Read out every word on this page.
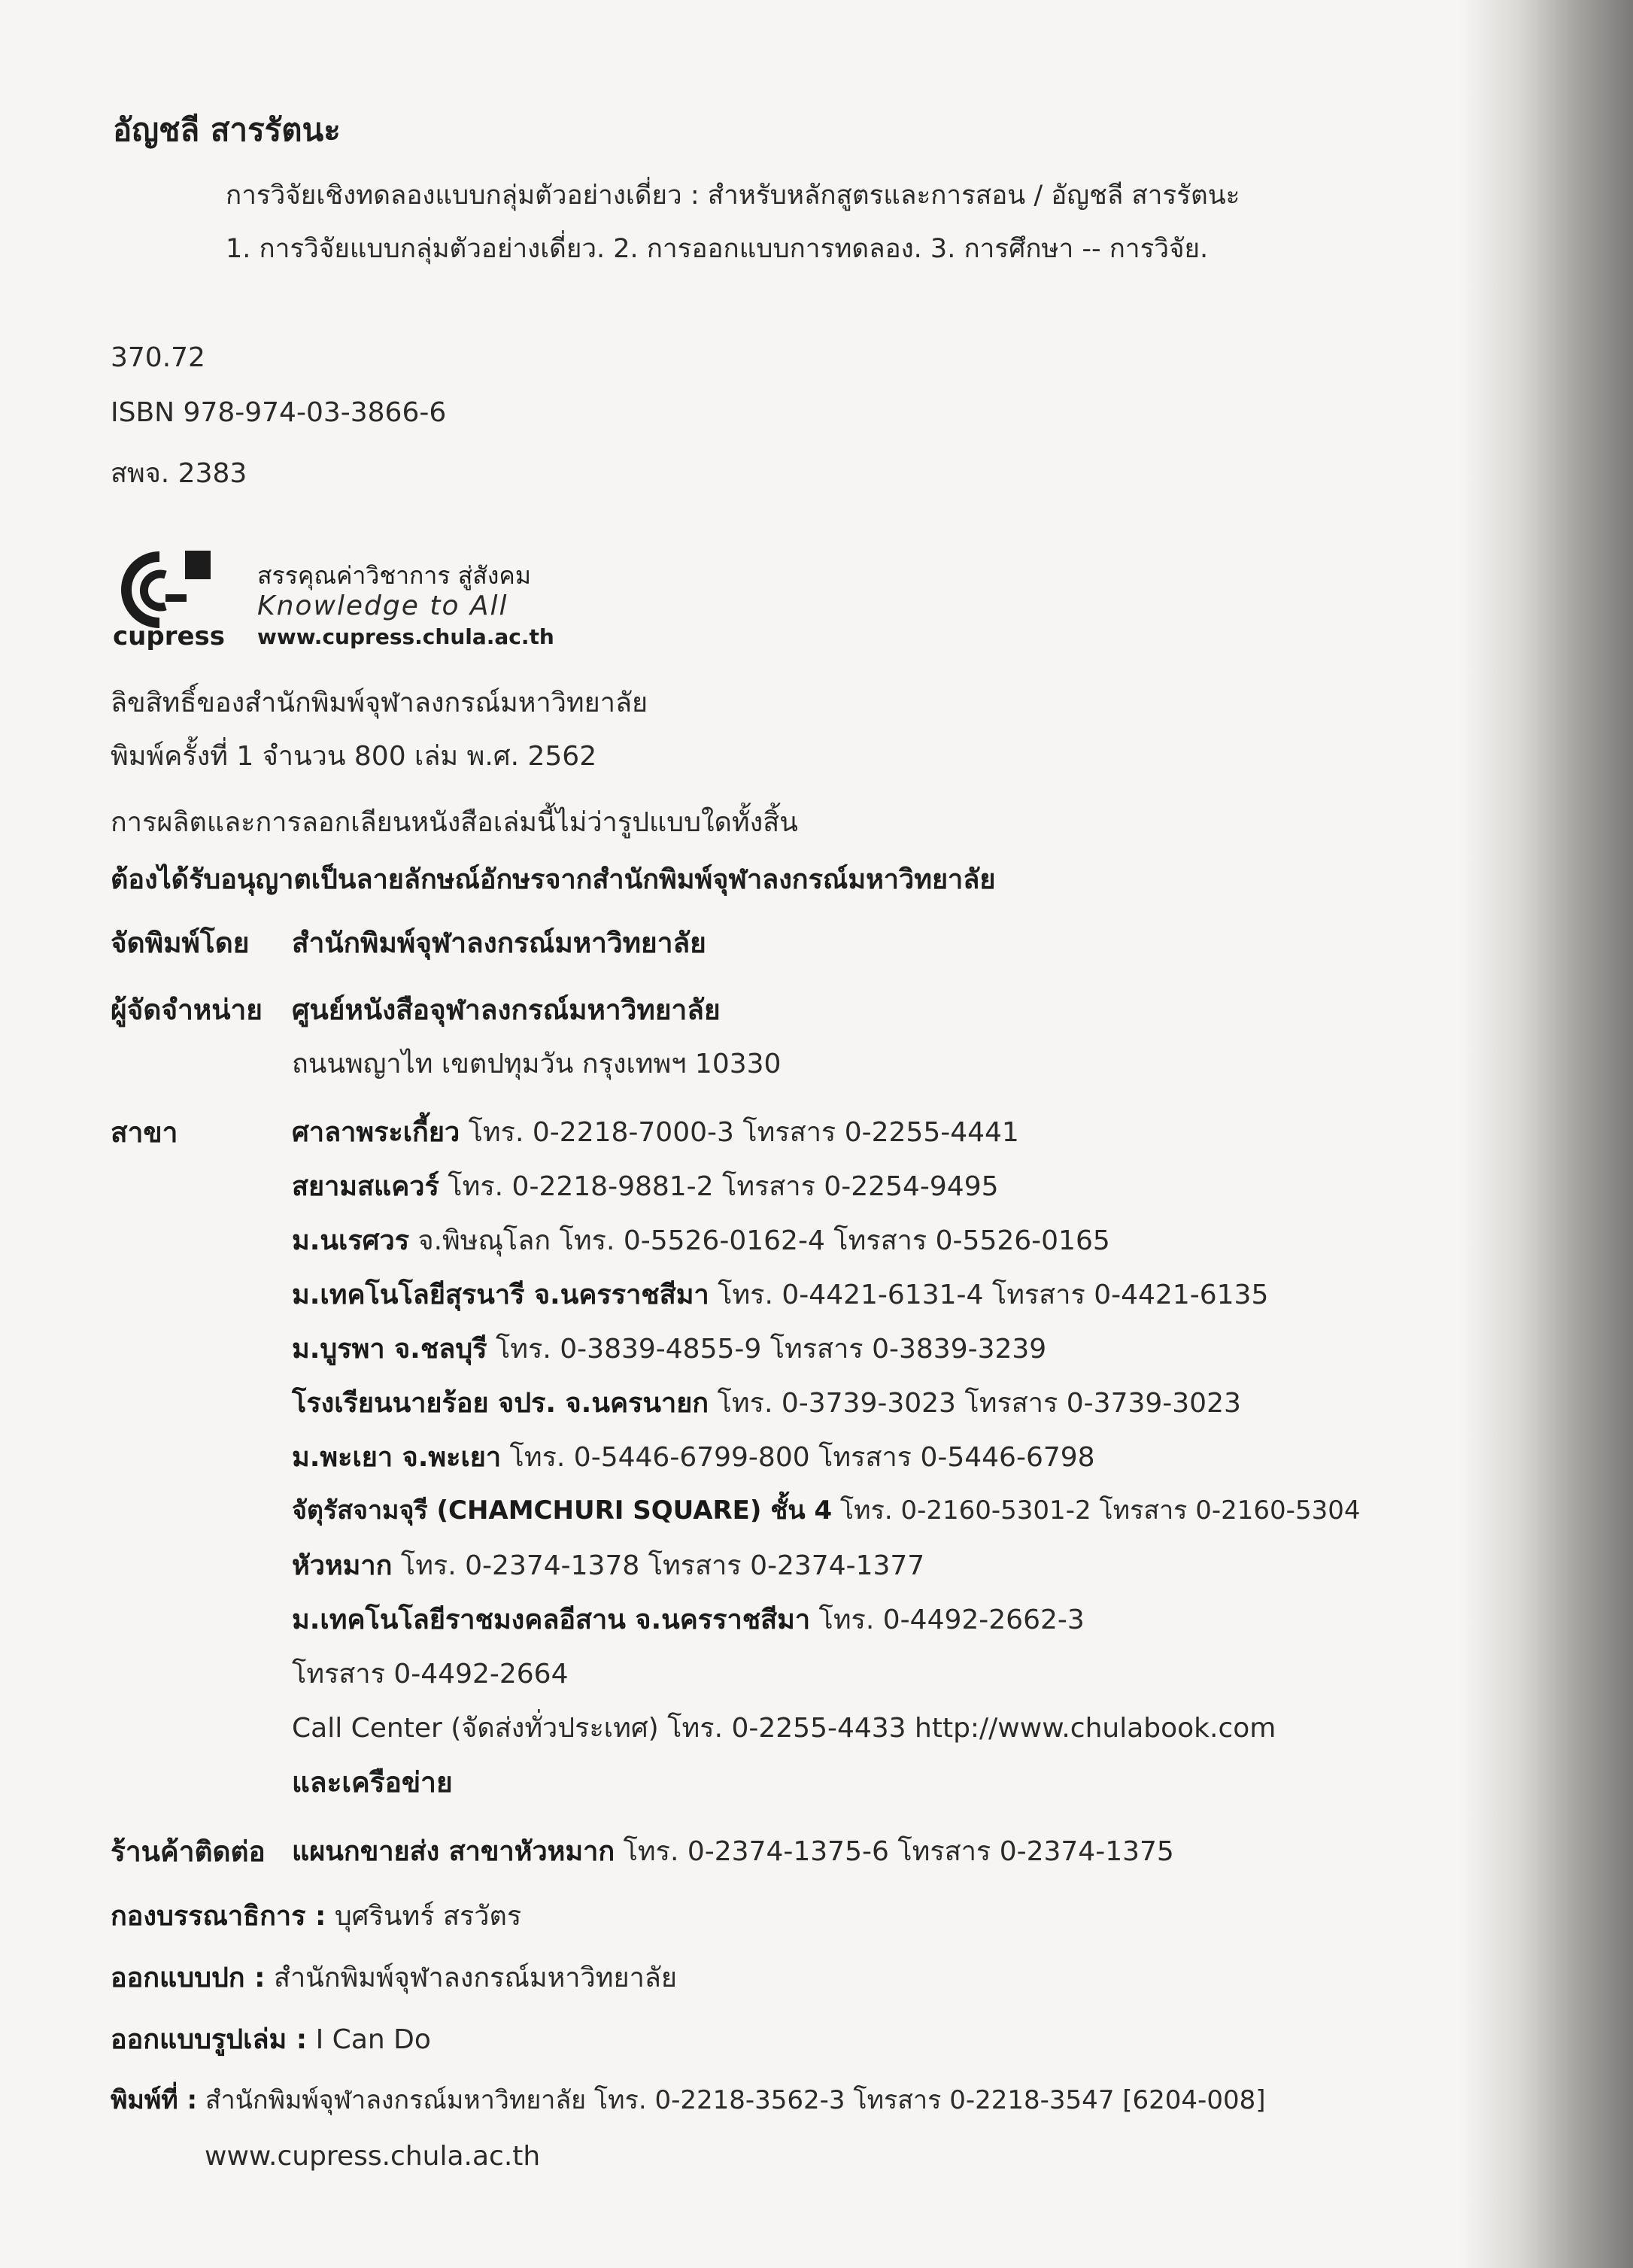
อัญชลี สารรัตนะ
การวิจัยเชิงทดลองแบบกลุ่มตัวอย่างเดี่ยว : สำหรับหลักสูตรและการสอน / อัญชลี สารรัตนะ
1. การวิจัยแบบกลุ่มตัวอย่างเดี่ยว. 2. การออกแบบการทดลอง. 3. การศึกษา -- การวิจัย.
370.72
ISBN 978-974-03-3866-6
สพจ. 2383
cupress
สรรคุณค่าวิชาการ สู่สังคม
Knowledge to All
www.cupress.chula.ac.th
ลิขสิทธิ์ของสำนักพิมพ์จุฬาลงกรณ์มหาวิทยาลัย
พิมพ์ครั้งที่ 1 จำนวน 800 เล่ม พ.ศ. 2562
การผลิตและการลอกเลียนหนังสือเล่มนี้ไม่ว่ารูปแบบใดทั้งสิ้น
ต้องได้รับอนุญาตเป็นลายลักษณ์อักษรจากสำนักพิมพ์จุฬาลงกรณ์มหาวิทยาลัย
จัดพิมพ์โดย สำนักพิมพ์จุฬาลงกรณ์มหาวิทยาลัย
ผู้จัดจำหน่าย ศูนย์หนังสือจุฬาลงกรณ์มหาวิทยาลัย
ถนนพญาไท เขตปทุมวัน กรุงเทพฯ 10330
สาขา	ศาลาพระเกี้ยว โทร. 0-2218-7000-3 โทรสาร 0-2255-4441
สยามสแควร์ โทร. 0-2218-9881-2 โทรสาร 0-2254-9495
ม.นเรศวร จ.พิษณุโลก โทร. 0-5526-0162-4 โทรสาร 0-5526-0165
ม.เทคโนโลยีสุรนารี จ.นครราชสีมา โทร. 0-4421-6131-4 โทรสาร 0-4421-6135
ม.บูรพา จ.ชลบุรี โทร. 0-3839-4855-9 โทรสาร 0-3839-3239
โรงเรียนนายร้อย จปร. จ.นครนายก โทร. 0-3739-3023 โทรสาร 0-3739-3023
ม.พะเยา จ.พะเยา โทร. 0-5446-6799-800 โทรสาร 0-5446-6798
จัตุรัสจามจุรี (CHAMCHURI SQUARE) ชั้น 4 โทร. 0-2160-5301-2 โทรสาร 0-2160-5304
หัวหมาก โทร. 0-2374-1378 โทรสาร 0-2374-1377
ม.เทคโนโลยีราชมงคลอีสาน จ.นครราชสีมา โทร. 0-4492-2662-3
โทรสาร 0-4492-2664
Call Center (จัดส่งทั่วประเทศ) โทร. 0-2255-4433 http://www.chulabook.com
และเครือข่าย
ร้านค้าติดต่อ แผนกขายส่ง สาขาหัวหมาก โทร. 0-2374-1375-6 โทรสาร 0-2374-1375
กองบรรณาธิการ : บุศรินทร์ สรวัตร
ออกแบบปก : สำนักพิมพ์จุฬาลงกรณ์มหาวิทยาลัย
ออกแบบรูปเล่ม : I Can Do
พิมพ์ที่ : สำนักพิมพ์จุฬาลงกรณ์มหาวิทยาลัย โทร. 0-2218-3562-3 โทรสาร 0-2218-3547 [6204-008]
www.cupress.chula.ac.th
